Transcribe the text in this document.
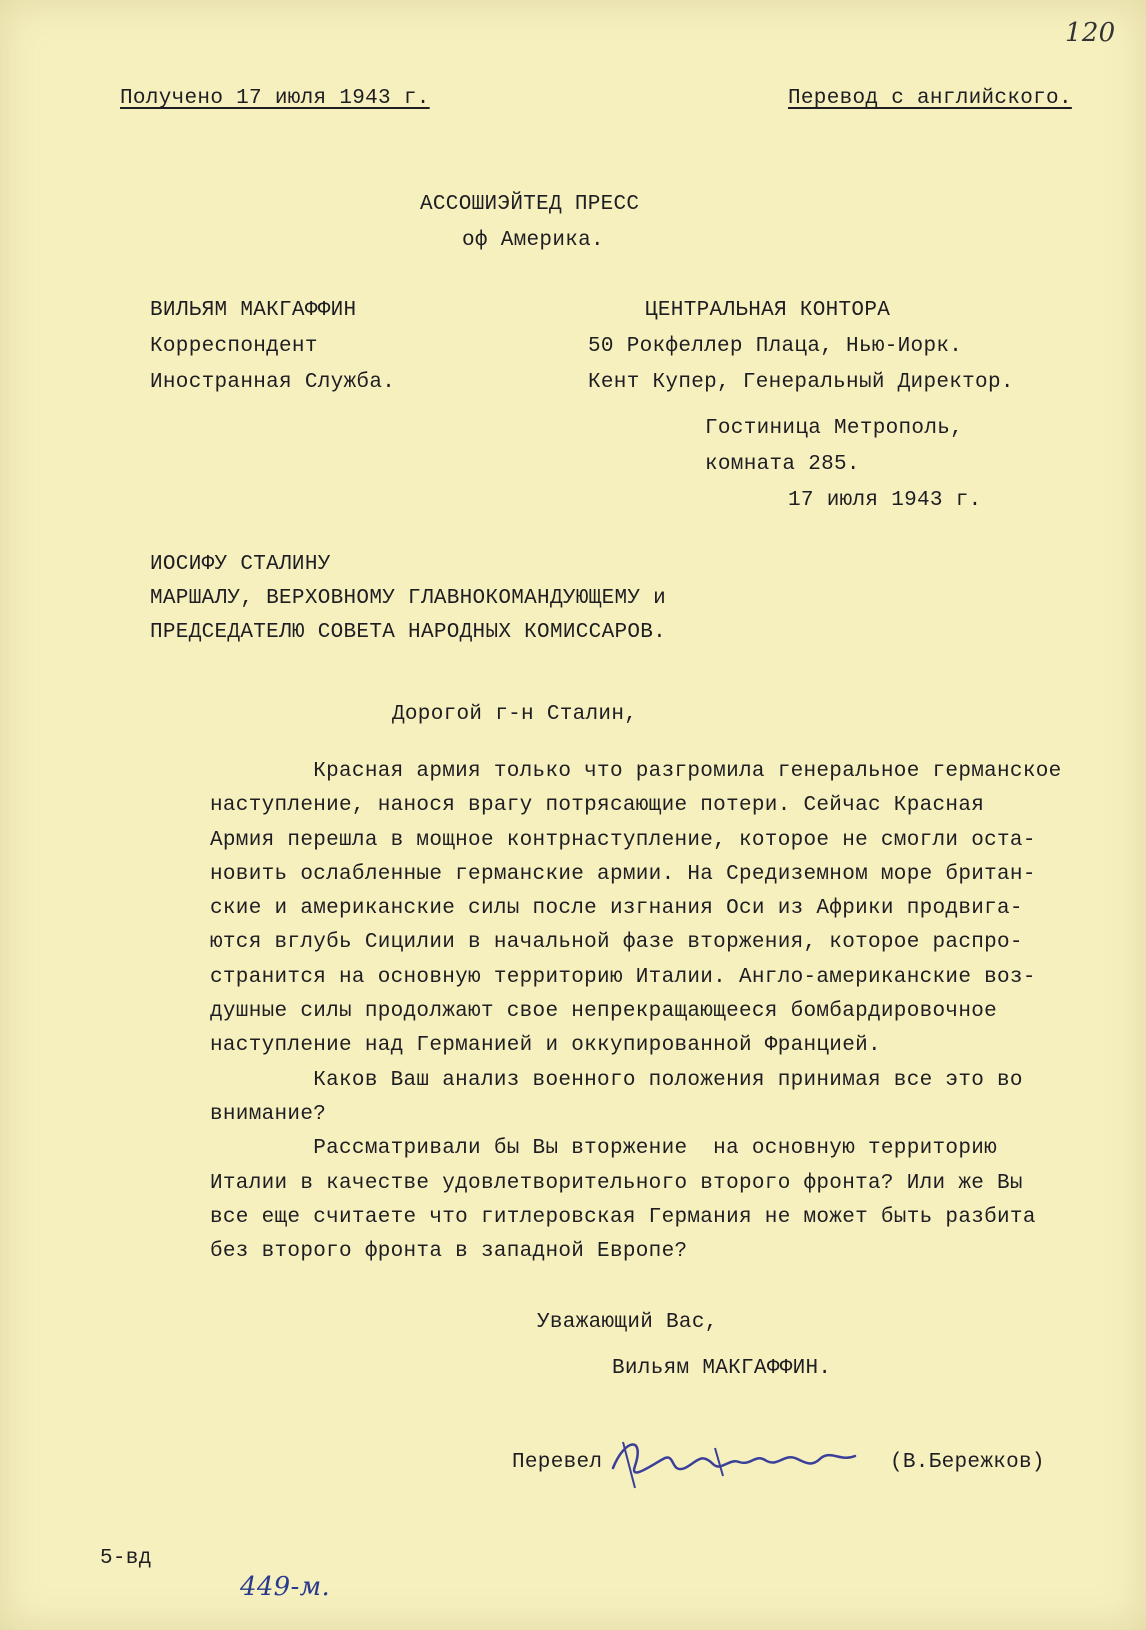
120
Получено 17 июля 1943 г.	Перевод с английского.
АССОШИЭЙТЕД ПРЕСС
оф Америка.
ВИЛЬЯМ МАКГАФФИН
Корреспондент
Иностранная Служба.
ЦЕНТРАЛЬНАЯ КОНТОРА
50 Рокфеллер Плаца, Нью-Иорк.
Кент Купер, Генеральный Директор.
Гостиница Метрополь,
комната 285.
17 июля 1943 г.
ИОСИФУ СТАЛИНУ
МАРШАЛУ, ВЕРХОВНОМУ ГЛАВНОКОМАНДУЮЩЕМУ и
ПРЕДСЕДАТЕЛЮ СОВЕТА НАРОДНЫХ КОМИССАРОВ.
Дорогой г-н Сталин,
Красная армия только что разгромила генеральное германское
наступление, нанося врагу потрясающие потери. Сейчас Красная
Армия перешла в мощное контрнаступление, которое не смогли оста-
новить ослабленные германские армии. На Средиземном море британ-
ские и американские силы после изгнания Оси из Африки продвига-
ются вглубь Сицилии в начальной фазе вторжения, которое распро-
странится на основную территорию Италии. Англо-американские воз-
душные силы продолжают свое непрекращающееся бомбардировочное
наступление над Германией и оккупированной Францией.
Каков Ваш анализ военного положения принимая все это во
внимание?
Рассматривали бы Вы вторжение  на основную территорию
Италии в качестве удовлетворительного второго фронта? Или же Вы
все еще считаете что гитлеровская Германия не может быть разбита
без второго фронта в западной Европе?
Уважающий Вас,
Вильям МАКГАФФИН.
Перевел	(В.Бережков)
5-вд
449-м.
